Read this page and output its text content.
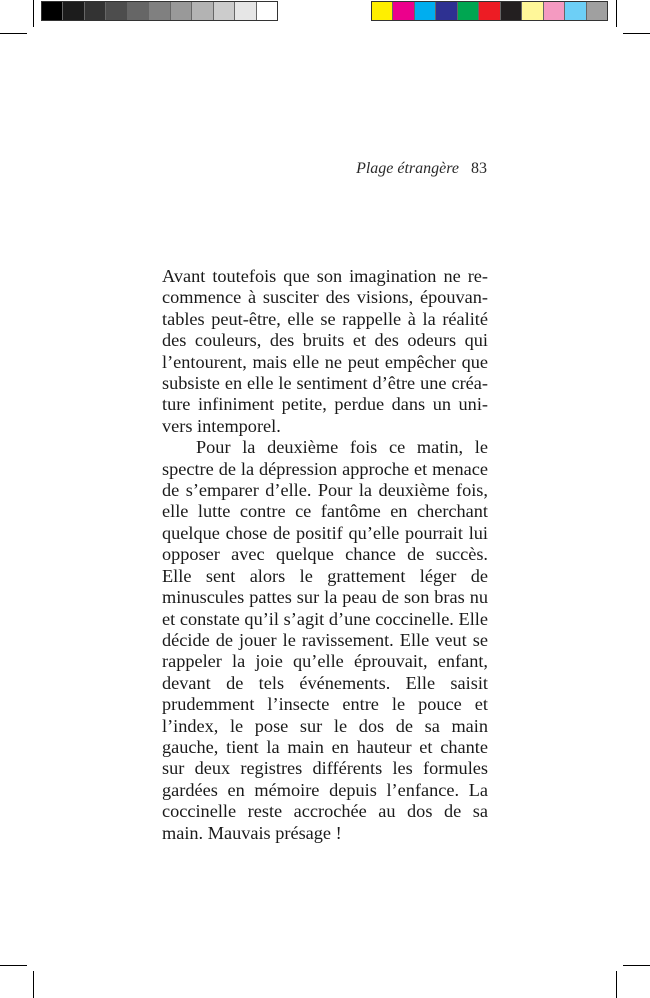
Plage étrangère 83

Avant toutefois que son imagination ne recommence à susciter des visions, épouvantables peut-être, elle se rappelle à la réalité des couleurs, des bruits et des odeurs qui l’entourent, mais elle ne peut empêcher que subsiste en elle le sentiment d’être une créature infiniment petite, perdue dans un univers intemporel.

Pour la deuxième fois ce matin, le spectre de la dépression approche et menace de s’emparer d’elle. Pour la deuxième fois, elle lutte contre ce fantôme en cherchant quelque chose de positif qu’elle pourrait lui opposer avec quelque chance de succès. Elle sent alors le grattement léger de minuscules pattes sur la peau de son bras nu et constate qu’il s’agit d’une coccinelle. Elle décide de jouer le ravissement. Elle veut se rappeler la joie qu’elle éprouvait, enfant, devant de tels événements. Elle saisit prudemment l’insecte entre le pouce et l’index, le pose sur le dos de sa main gauche, tient la main en hauteur et chante sur deux registres différents les formules gardées en mémoire depuis l’enfance. La coccinelle reste accrochée au dos de sa main. Mauvais présage !
